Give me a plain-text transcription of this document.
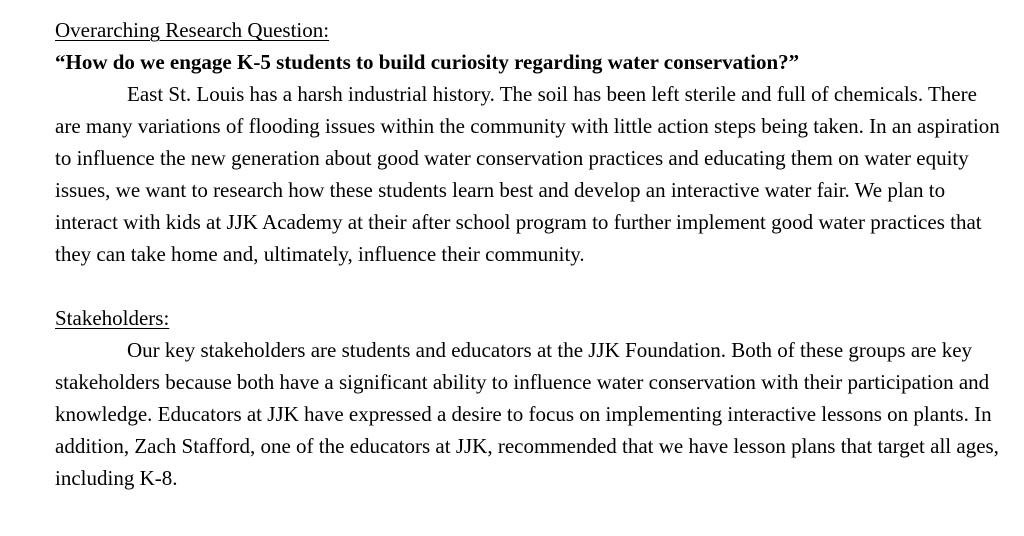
Overarching Research Question:
“How do we engage K-5 students to build curiosity regarding water conservation?”

East St. Louis has a harsh industrial history. The soil has been left sterile and full of chemicals. There are many variations of flooding issues within the community with little action steps being taken. In an aspiration to influence the new generation about good water conservation practices and educating them on water equity issues, we want to research how these students learn best and develop an interactive water fair. We plan to interact with kids at JJK Academy at their after school program to further implement good water practices that they can take home and, ultimately, influence their community.

Stakeholders:

Our key stakeholders are students and educators at the JJK Foundation. Both of these groups are key stakeholders because both have a significant ability to influence water conservation with their participation and knowledge. Educators at JJK have expressed a desire to focus on implementing interactive lessons on plants. In addition, Zach Stafford, one of the educators at JJK, recommended that we have lesson plans that target all ages, including K-8.
